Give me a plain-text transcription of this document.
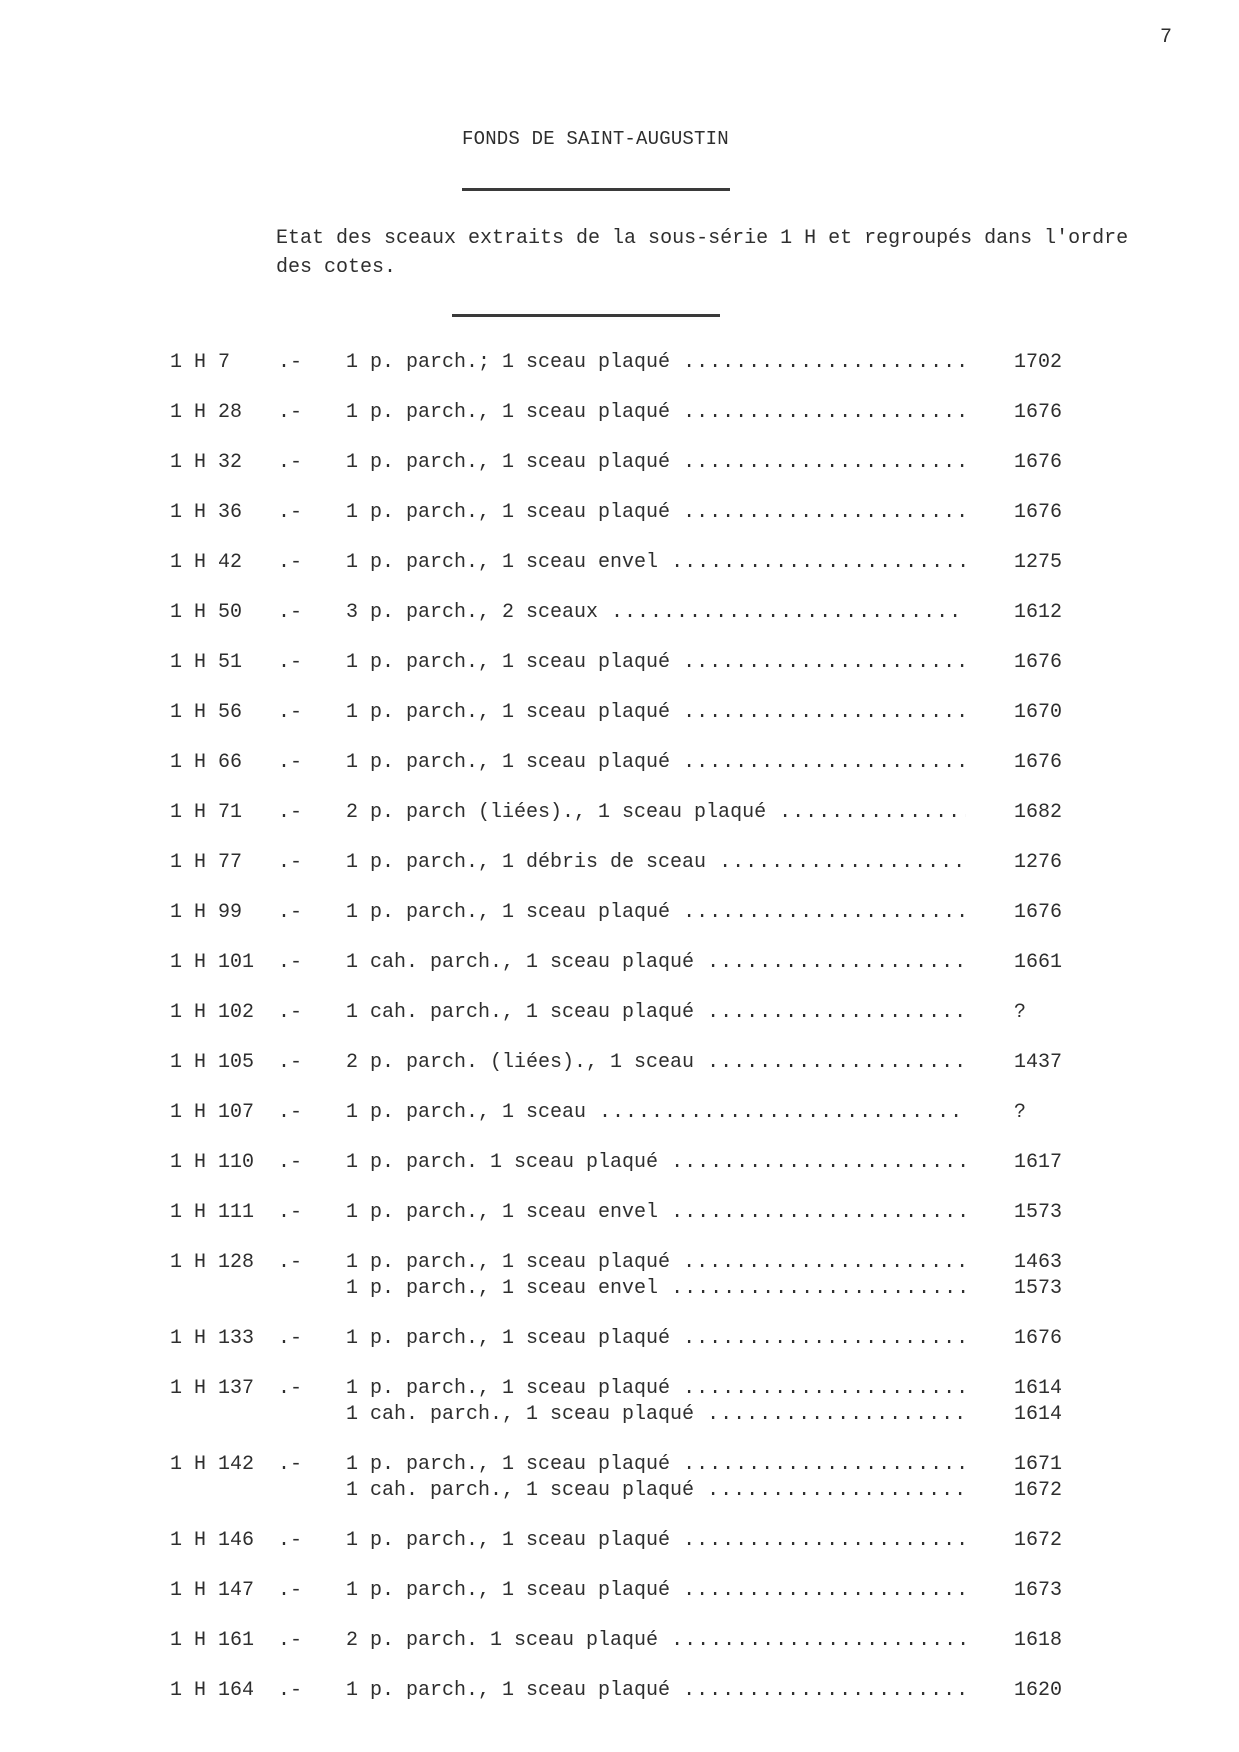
7
FONDS DE SAINT-AUGUSTIN

Etat des sceaux extraits de la sous-série 1 H et regroupés dans l'ordre des cotes.

1 H 7 .- 1 p. parch.; 1 sceau plaqué .....	1702
1 H 28 .- 1 p. parch., 1 sceau plaqué .....	1676
1 H 32 .- 1 p. parch., 1 sceau plaqué .....	1676
1 H 36 .- 1 p. parch., 1 sceau plaqué .....	1676
1 H 42 .- 1 p. parch., 1 sceau envel .....	1275
1 H 50 .- 3 p. parch., 2 sceaux .....	1612
1 H 51 .- 1 p. parch., 1 sceau plaqué .....	1676
1 H 56 .- 1 p. parch., 1 sceau plaqué .....	1670
1 H 66 .- 1 p. parch., 1 sceau plaqué .....	1676
1 H 71 .- 2 p. parch (liées)., 1 sceau plaqué .....	1682
1 H 77 .- 1 p. parch., 1 débris de sceau .....	1276
1 H 99 .- 1 p. parch., 1 sceau plaqué .....	1676
1 H 101 .- 1 cah. parch., 1 sceau plaqué .....	1661
1 H 102 .- 1 cah. parch., 1 sceau plaqué .....	?
1 H 105 .- 2 p. parch. (liées)., 1 sceau .....	1437
1 H 107 .- 1 p. parch., 1 sceau .....	?
1 H 110 .- 1 p. parch. 1 sceau plaqué .....	1617
1 H 111 .- 1 p. parch., 1 sceau envel .....	1573
1 H 128 .- 1 p. parch., 1 sceau plaqué .....	1463
1 p. parch., 1 sceau envel .....	1573
1 H 133 .- 1 p. parch., 1 sceau plaqué .....	1676
1 H 137 .- 1 p. parch., 1 sceau plaqué .....	1614
1 cah. parch., 1 sceau plaqué .....	1614
1 H 142 .- 1 p. parch., 1 sceau plaqué .....	1671
1 cah. parch., 1 sceau plaqué .....	1672
1 H 146 .- 1 p. parch., 1 sceau plaqué .....	1672
1 H 147 .- 1 p. parch., 1 sceau plaqué .....	1673
1 H 161 .- 2 p. parch. 1 sceau plaqué .....	1618
1 H 164 .- 1 p. parch., 1 sceau plaqué .....	1620
